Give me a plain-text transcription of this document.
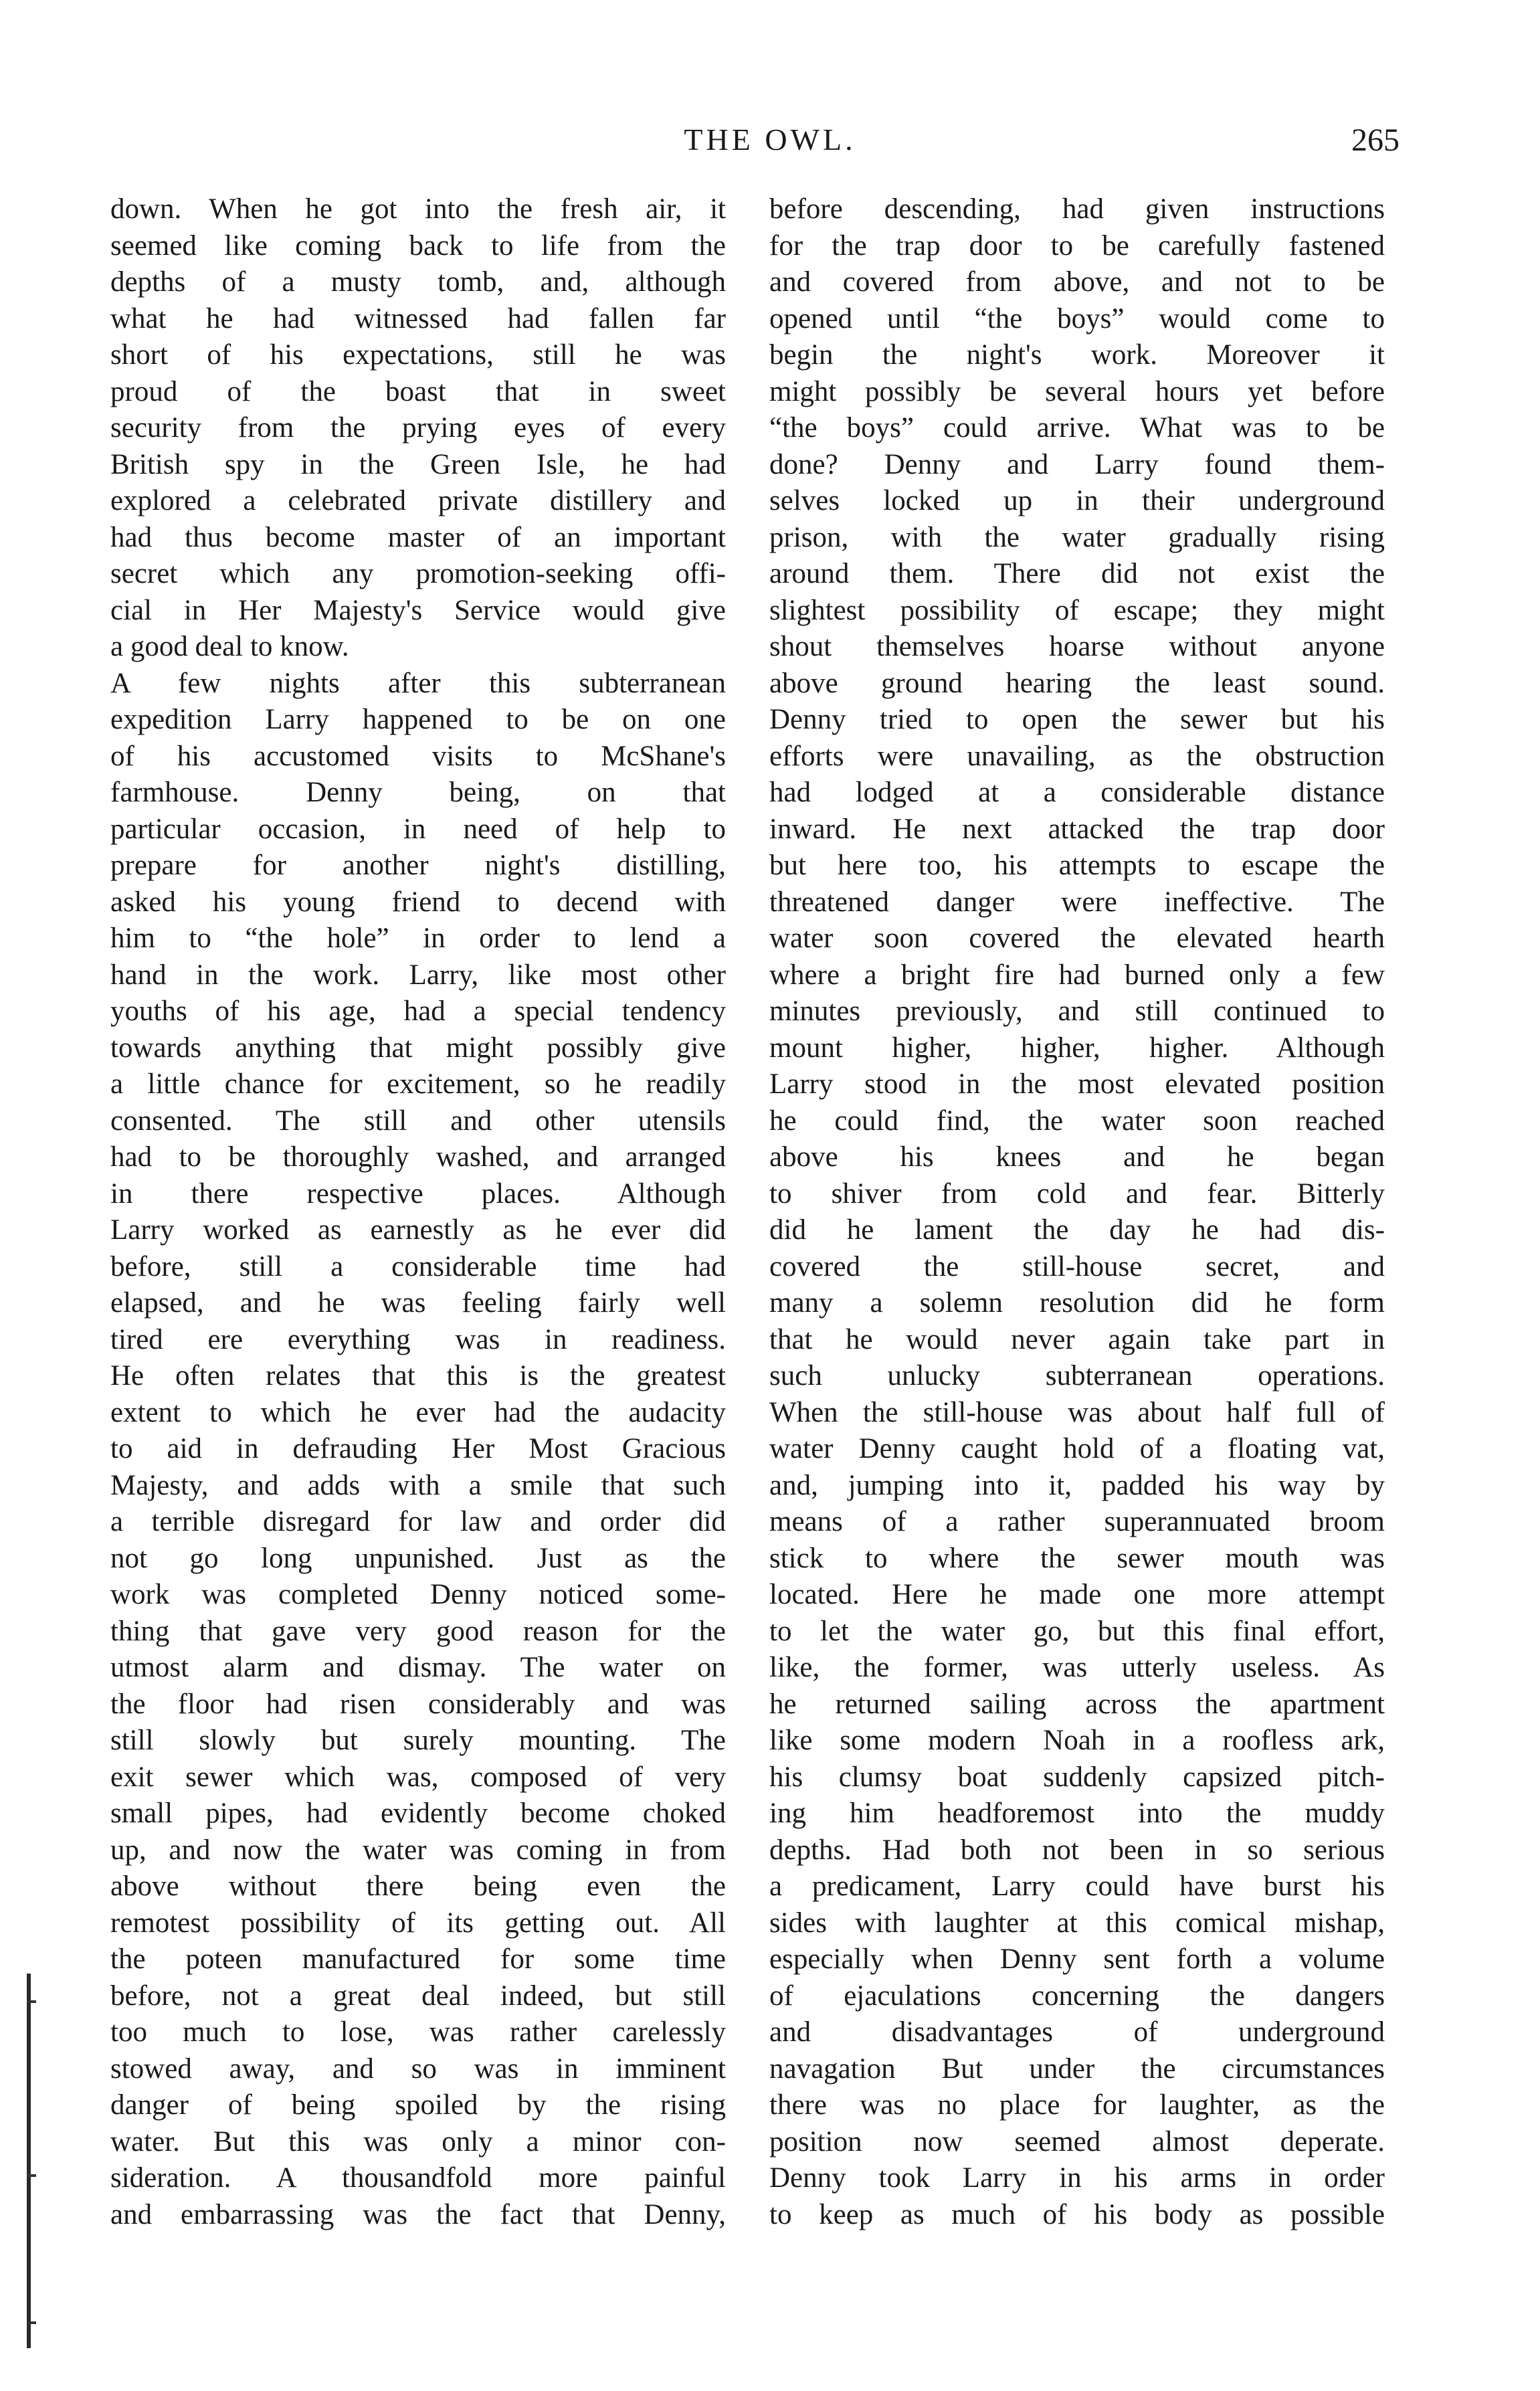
THE OWL.	265
down. When he got into the fresh air, it
seemed like coming back to life from the
depths of a musty tomb, and, although
what he had witnessed had fallen far
short of his expectations, still he was
proud of the boast that in sweet
security from the prying eyes of every
British spy in the Green Isle, he had
explored a celebrated private distillery and
had thus become master of an important
secret which any promotion-seeking offi-
cial in Her Majesty's Service would give
a good deal to know.
A few nights after this subterranean
expedition Larry happened to be on one
of his accustomed visits to McShane's
farmhouse. Denny being, on that
particular occasion, in need of help to
prepare for another night's distilling,
asked his young friend to decend with
him to “the hole” in order to lend a
hand in the work. Larry, like most other
youths of his age, had a special tendency
towards anything that might possibly give
a little chance for excitement, so he readily
consented. The still and other utensils
had to be thoroughly washed, and arranged
in there respective places. Although
Larry worked as earnestly as he ever did
before, still a considerable time had
elapsed, and he was feeling fairly well
tired ere everything was in readiness.
He often relates that this is the greatest
extent to which he ever had the audacity
to aid in defrauding Her Most Gracious
Majesty, and adds with a smile that such
a terrible disregard for law and order did
not go long unpunished. Just as the
work was completed Denny noticed some-
thing that gave very good reason for the
utmost alarm and dismay. The water on
the floor had risen considerably and was
still slowly but surely mounting. The
exit sewer which was, composed of very
small pipes, had evidently become choked
up, and now the water was coming in from
above without there being even the
remotest possibility of its getting out. All
the poteen manufactured for some time
before, not a great deal indeed, but still
too much to lose, was rather carelessly
stowed away, and so was in imminent
danger of being spoiled by the rising
water. But this was only a minor con-
sideration. A thousandfold more painful
and embarrassing was the fact that Denny,
before descending, had given instructions
for the trap door to be carefully fastened
and covered from above, and not to be
opened until “the boys” would come to
begin the night's work. Moreover it
might possibly be several hours yet before
“the boys” could arrive. What was to be
done? Denny and Larry found them-
selves locked up in their underground
prison, with the water gradually rising
around them. There did not exist the
slightest possibility of escape; they might
shout themselves hoarse without anyone
above ground hearing the least sound.
Denny tried to open the sewer but his
efforts were unavailing, as the obstruction
had lodged at a considerable distance
inward. He next attacked the trap door
but here too, his attempts to escape the
threatened danger were ineffective. The
water soon covered the elevated hearth
where a bright fire had burned only a few
minutes previously, and still continued to
mount higher, higher, higher. Although
Larry stood in the most elevated position
he could find, the water soon reached
above his knees and he began
to shiver from cold and fear. Bitterly
did he lament the day he had dis-
covered the still-house secret, and
many a solemn resolution did he form
that he would never again take part in
such unlucky subterranean operations.
When the still-house was about half full of
water Denny caught hold of a floating vat,
and, jumping into it, padded his way by
means of a rather superannuated broom
stick to where the sewer mouth was
located. Here he made one more attempt
to let the water go, but this final effort,
like, the former, was utterly useless. As
he returned sailing across the apartment
like some modern Noah in a roofless ark,
his clumsy boat suddenly capsized pitch-
ing him headforemost into the muddy
depths. Had both not been in so serious
a predicament, Larry could have burst his
sides with laughter at this comical mishap,
especially when Denny sent forth a volume
of ejaculations concerning the dangers
and disadvantages of underground
navagation But under the circumstances
there was no place for laughter, as the
position now seemed almost deperate.
Denny took Larry in his arms in order
to keep as much of his body as possible
